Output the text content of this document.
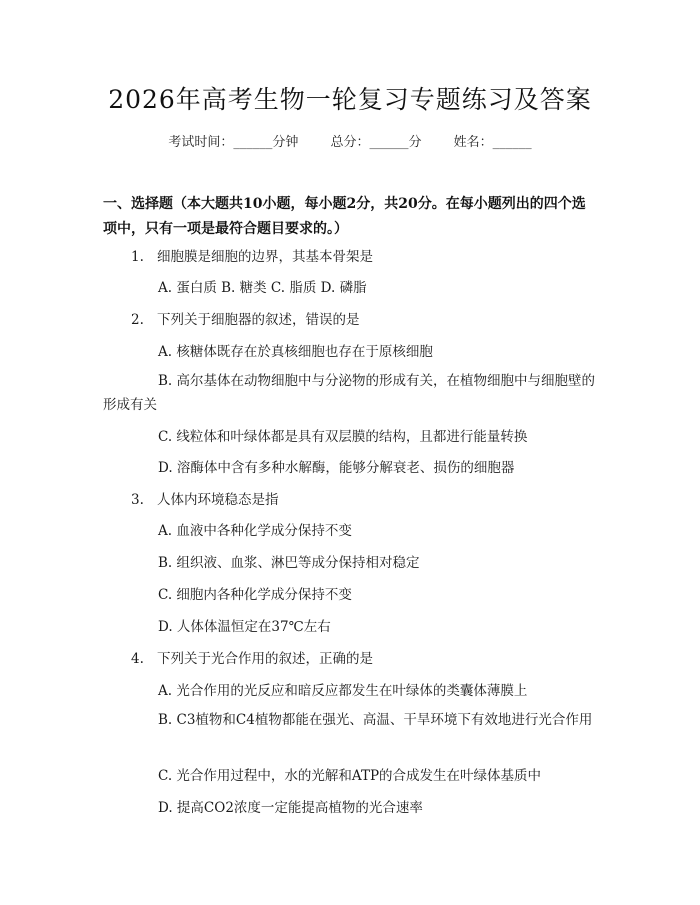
2026年高考生物一轮复习专题练习及答案
考试时间：______分钟 总分：______分 姓名：______
一、选择题（本大题共10小题，每小题2分，共20分。在每小题列出的四个选项中，只有一项是最符合题目要求的。）
1. 细胞膜是细胞的边界，其基本骨架是
A. 蛋白质 B. 糖类 C. 脂质 D. 磷脂
2. 下列关于细胞器的叙述，错误的是
A. 核糖体既存在於真核细胞也存在于原核细胞
B. 高尔基体在动物细胞中与分泌物的形成有关，在植物细胞中与细胞壁的形成有关
C. 线粒体和叶绿体都是具有双层膜的结构，且都进行能量转换
D. 溶酶体中含有多种水解酶，能够分解衰老、损伤的细胞器
3. 人体内环境稳态是指
A. 血液中各种化学成分保持不变
B. 组织液、血浆、淋巴等成分保持相对稳定
C. 细胞内各种化学成分保持不变
D. 人体体温恒定在37℃左右
4. 下列关于光合作用的叙述，正确的是
A. 光合作用的光反应和暗反应都发生在叶绿体的类囊体薄膜上
B. C3植物和C4植物都能在强光、高温、干旱环境下有效地进行光合作用
C. 光合作用过程中，水的光解和ATP的合成发生在叶绿体基质中
D. 提高CO2浓度一定能提高植物的光合速率
